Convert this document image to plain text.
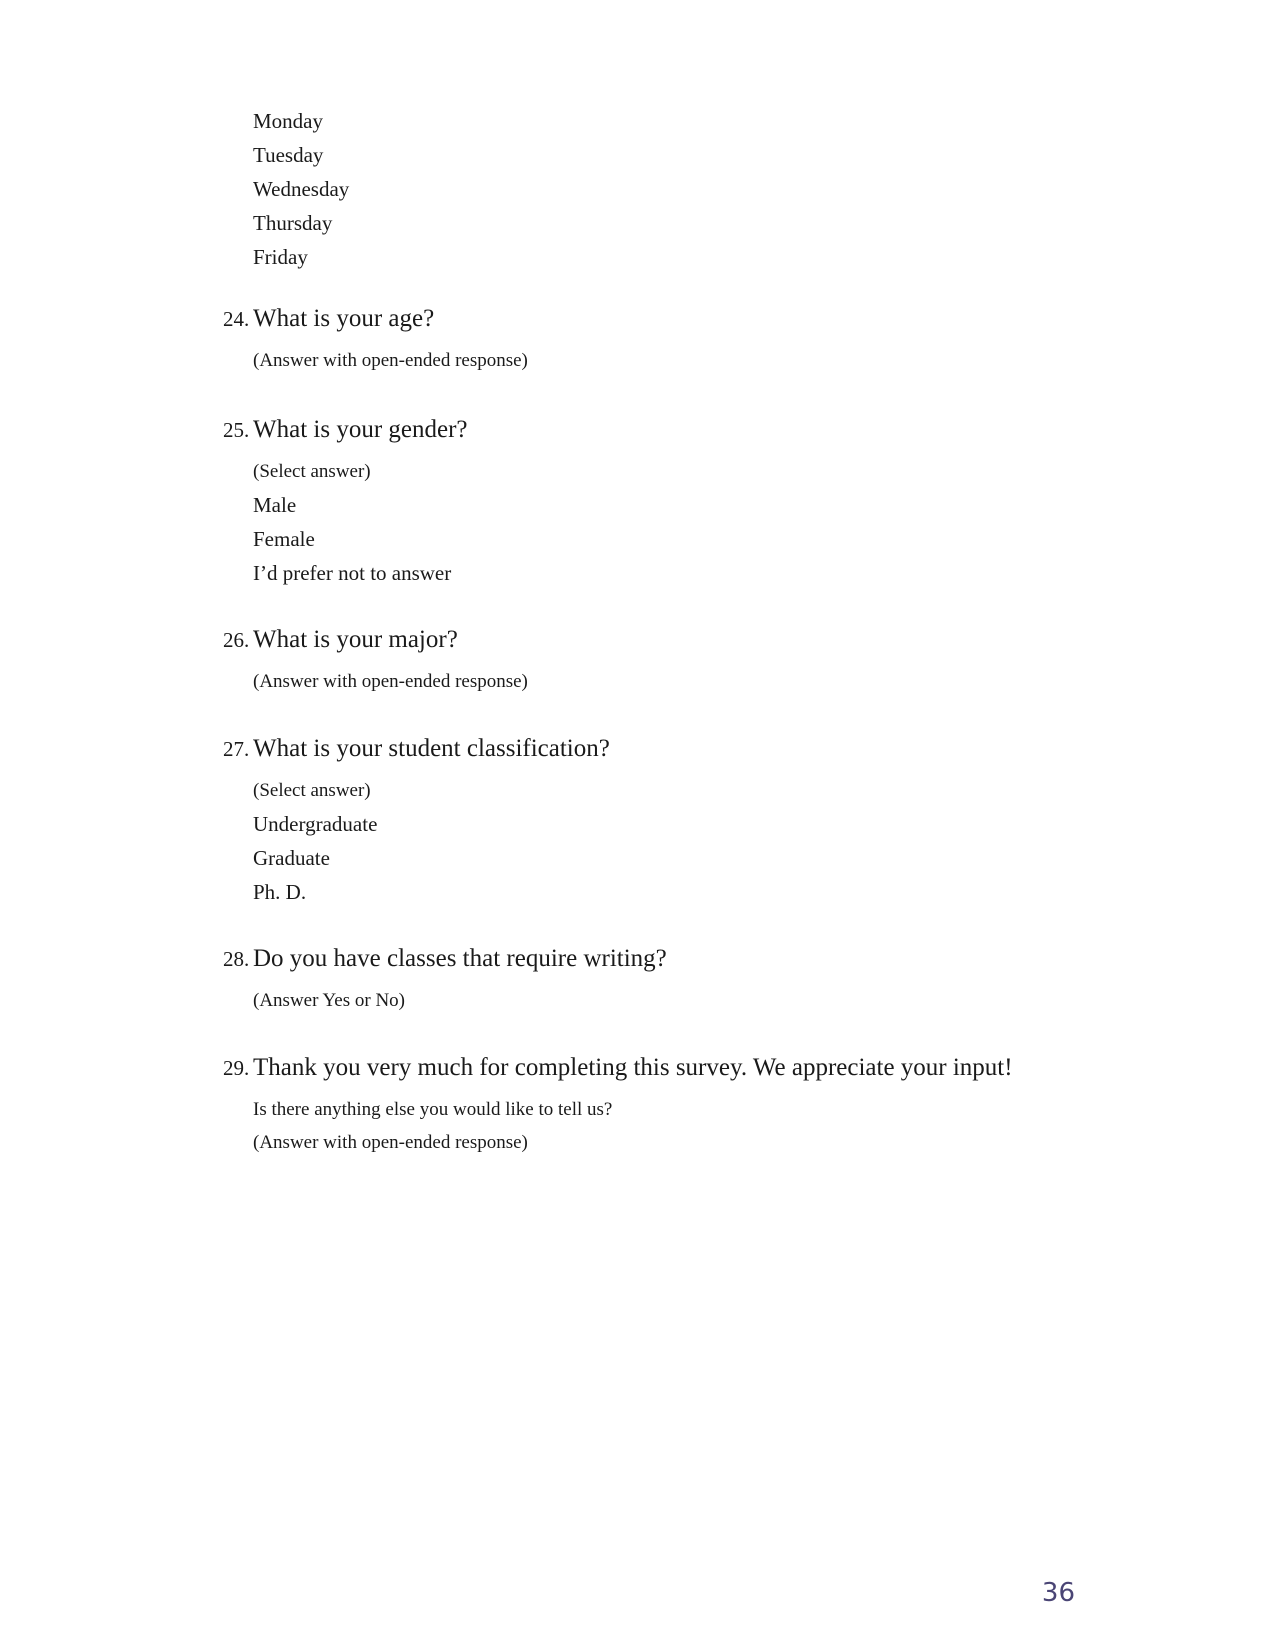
Monday
Tuesday
Wednesday
Thursday
Friday
24. What is your age?
(Answer with open-ended response)
25. What is your gender?
(Select answer)
Male
Female
I’d prefer not to answer
26. What is your major?
(Answer with open-ended response)
27. What is your student classification?
(Select answer)
Undergraduate
Graduate
Ph. D.
28. Do you have classes that require writing?
(Answer Yes or No)
29. Thank you very much for completing this survey. We appreciate your input!
Is there anything else you would like to tell us?
(Answer with open-ended response)
36
